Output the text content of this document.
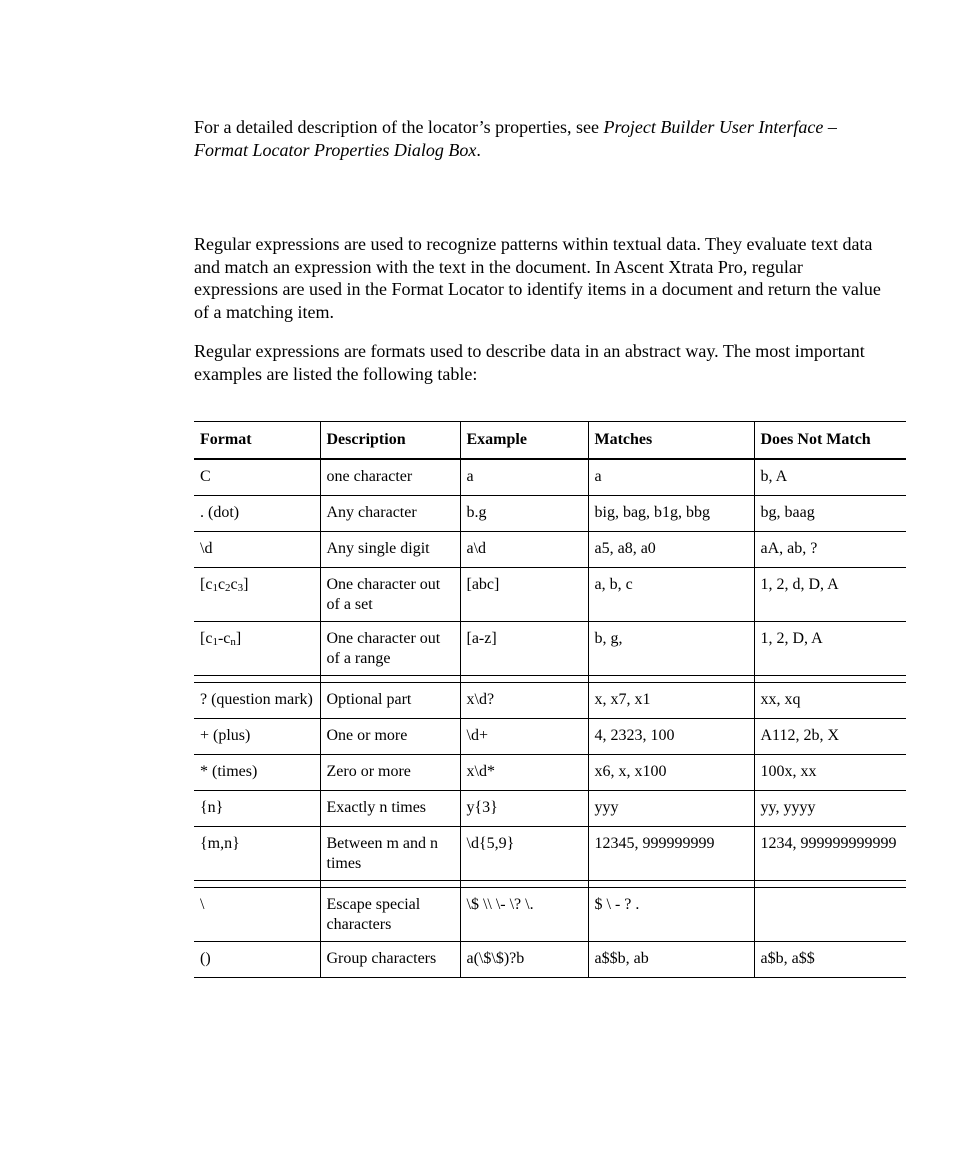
For a detailed description of the locator’s properties, see Project Builder User Interface – Format Locator Properties Dialog Box.

Regular expressions are used to recognize patterns within textual data. They evaluate text data and match an expression with the text in the document. In Ascent Xtrata Pro, regular expressions are used in the Format Locator to identify items in a document and return the value of a matching item.

Regular expressions are formats used to describe data in an abstract way. The most important examples are listed the following table:

Format	Description	Example	Matches	Does Not Match
C	one character	a	a	b, A
. (dot)	Any character	b.g	big, bag, b1g, bbg	bg, baag
\d	Any single digit	a\d	a5, a8, a0	aA, ab, ?
$[c_1c_2c_3]$	One character out of a set	[abc]	a, b, c	1, 2, d, D, A
$[c_1-c_n]$	One character out of a range	[a-z]	b, g,	1, 2, D, A

? (question mark)	Optional part	x\d?	x, x7, x1	xx, xq
+ (plus)	One or more	\d+	4, 2323, 100	A112, 2b, X
* (times)	Zero or more	x\d*	x6, x, x100	100x, xx
{n}	Exactly n times	y{3}	yyy	yy, yyyy
{m,n}	Between m and n times	\d{5,9}	12345, 999999999	1234, 999999999999

\	Escape special characters	\$ \\ \- \? \.	$ \ - ? .	
()	Group characters	a(\$\$)?b	a$$b, ab	a$b, a$$
